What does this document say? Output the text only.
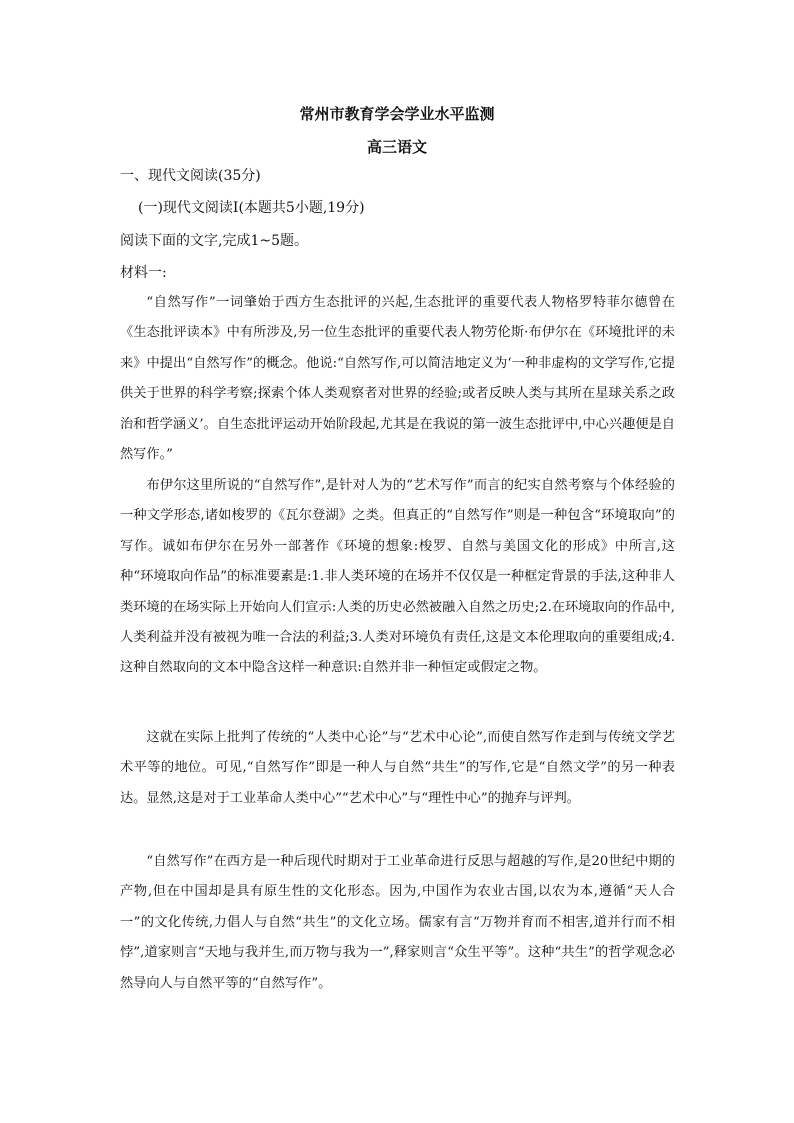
常州市教育学会学业水平监测
高三语文
一、现代文阅读(35分)
(一)现代文阅读Ⅰ(本题共5小题,19分)
阅读下面的文字,完成1~5题。
材料一:
“自然写作”一词肇始于西方生态批评的兴起,生态批评的重要代表人物格罗特菲尔德曾在《生态批评读本》中有所涉及,另一位生态批评的重要代表人物劳伦斯·布伊尔在《环境批评的未来》中提出“自然写作”的概念。他说:“自然写作,可以简洁地定义为‘一种非虚构的文学写作,它提供关于世界的科学考察;探索个体人类观察者对世界的经验;或者反映人类与其所在星球关系之政治和哲学涵义’。自生态批评运动开始阶段起,尤其是在我说的第一波生态批评中,中心兴趣便是自然写作。”
布伊尔这里所说的“自然写作”,是针对人为的“艺术写作”而言的纪实自然考察与个体经验的一种文学形态,诸如梭罗的《瓦尔登湖》之类。但真正的“自然写作”则是一种包含“环境取向”的写作。诚如布伊尔在另外一部著作《环境的想象:梭罗、自然与美国文化的形成》中所言,这种“环境取向作品”的标准要素是:1.非人类环境的在场并不仅仅是一种框定背景的手法,这种非人类环境的在场实际上开始向人们宣示:人类的历史必然被融入自然之历史;2.在环境取向的作品中,人类利益并没有被视为唯一合法的利益;3.人类对环境负有责任,这是文本伦理取向的重要组成;4.这种自然取向的文本中隐含这样一种意识:自然并非一种恒定或假定之物。
这就在实际上批判了传统的“人类中心论”与“艺术中心论”,而使自然写作走到与传统文学艺术平等的地位。可见,“自然写作”即是一种人与自然“共生”的写作,它是“自然文学”的另一种表达。显然,这是对于工业革命人类中心”“艺术中心”与“理性中心”的抛弃与评判。
“自然写作”在西方是一种后现代时期对于工业革命进行反思与超越的写作,是20世纪中期的产物,但在中国却是具有原生性的文化形态。因为,中国作为农业古国,以农为本,遵循“天人合一”的文化传统,力倡人与自然“共生”的文化立场。儒家有言“万物并育而不相害,道并行而不相悖”,道家则言“天地与我并生,而万物与我为一”,释家则言“众生平等”。这种“共生”的哲学观念必然导向人与自然平等的“自然写作”。
